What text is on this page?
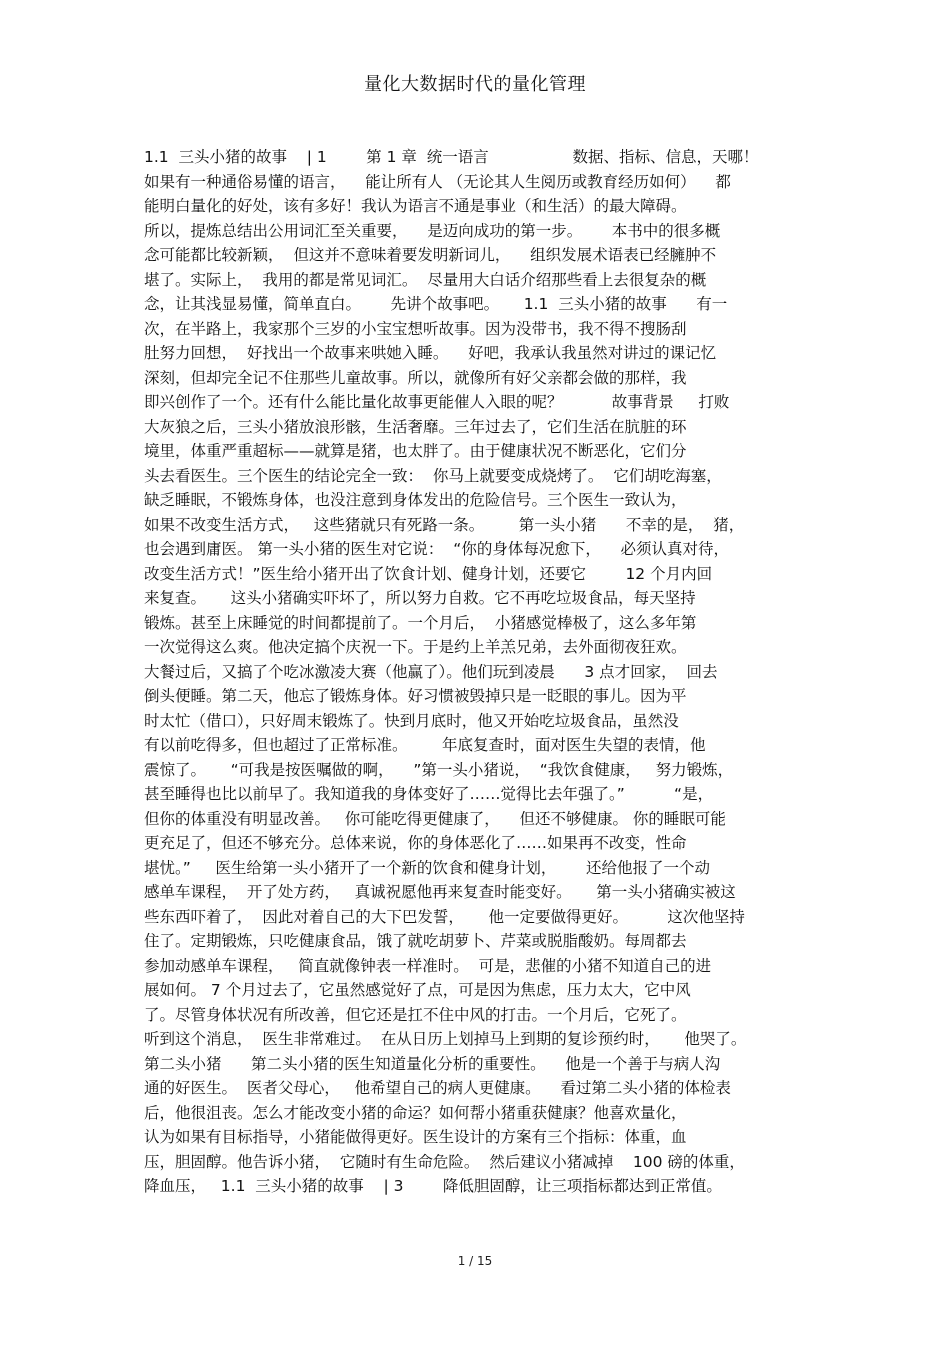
量化大数据时代的量化管理
1.1  三头小猪的故事    | 1        第 1 章  统一语言                 数据、指标、信息，天哪！
如果有一种通俗易懂的语言，    能让所有人 （无论其人生阅历或教育经历如何）    都
能明白量化的好处，该有多好！我认为语言不通是事业（和生活）的最大障碍。
所以，提炼总结出公用词汇至关重要，    是迈向成功的第一步。      本书中的很多概
念可能都比较新颖，  但这并不意味着要发明新词儿，    组织发展术语表已经臃肿不
堪了。实际上，  我用的都是常见词汇。  尽量用大白话介绍那些看上去很复杂的概
念，让其浅显易懂，简单直白。      先讲个故事吧。     1.1  三头小猪的故事      有一
次，在半路上，我家那个三岁的小宝宝想听故事。因为没带书，我不得不搜肠刮
肚努力回想，  好找出一个故事来哄她入睡。    好吧，我承认我虽然对讲过的课记忆
深刻，但却完全记不住那些儿童故事。所以，就像所有好父亲都会做的那样，我
即兴创作了一个。还有什么能比量化故事更能催人入眼的呢？          故事背景     打败
大灰狼之后，三头小猪放浪形骸，生活奢靡。三年过去了，它们生活在肮脏的环
境里，体重严重超标——就算是猪，也太胖了。由于健康状况不断恶化，它们分
头去看医生。三个医生的结论完全一致：  你马上就要变成烧烤了。  它们胡吃海塞，
缺乏睡眠，不锻炼身体，也没注意到身体发出的危险信号。三个医生一致认为，
如果不改变生活方式，   这些猪就只有死路一条。       第一头小猪      不幸的是，  猪，
也会遇到庸医。 第一头小猪的医生对它说：  “你的身体每况愈下，    必须认真对待，
改变生活方式！”医生给小猪开出了饮食计划、健身计划，还要它        12 个月内回
来复查。     这头小猪确实吓坏了，所以努力自救。它不再吃垃圾食品，每天坚持
锻炼。甚至上床睡觉的时间都提前了。一个月后，  小猪感觉棒极了，这么多年第
一次觉得这么爽。他决定搞个庆祝一下。于是约上羊羔兄弟，去外面彻夜狂欢。
大餐过后，又搞了个吃冰激凌大赛（他赢了）。他们玩到凌晨      3 点才回家，  回去
倒头便睡。第二天，他忘了锻炼身体。好习惯被毁掉只是一眨眼的事儿。因为平
时太忙（借口），只好周末锻炼了。快到月底时，他又开始吃垃圾食品，虽然没
有以前吃得多，但也超过了正常标准。       年底复查时，面对医生失望的表情，他
震惊了。     “可我是按医嘱做的啊，    ”第一头小猪说，  “我饮食健康，   努力锻炼，
甚至睡得也比以前早了。我知道我的身体变好了……觉得比去年强了。”          “是，
但你的体重没有明显改善。   你可能吃得更健康了，    但还不够健康。 你的睡眠可能
更充足了，但还不够充分。总体来说，你的身体恶化了……如果再不改变，性命
堪忧。”     医生给第一头小猪开了一个新的饮食和健身计划，      还给他报了一个动
感单车课程，  开了处方药，   真诚祝愿他再来复查时能变好。     第一头小猪确实被这
些东西吓着了，  因此对着自己的大下巴发誓，     他一定要做得更好。        这次他坚持
住了。定期锻炼，只吃健康食品，饿了就吃胡萝卜、芹菜或脱脂酸奶。每周都去
参加动感单车课程，   简直就像钟表一样准时。  可是，悲催的小猪不知道自己的进
展如何。 7 个月过去了，它虽然感觉好了点，可是因为焦虑，压力太大，它中风
了。尽管身体状况有所改善，但它还是扛不住中风的打击。一个月后，它死了。
听到这个消息，  医生非常难过。  在从日历上划掉马上到期的复诊预约时，     他哭了。
第二头小猪      第二头小猪的医生知道量化分析的重要性。    他是一个善于与病人沟
通的好医生。  医者父母心，   他希望自己的病人更健康。    看过第二头小猪的体检表
后，他很沮丧。怎么才能改变小猪的命运？如何帮小猪重获健康？他喜欢量化，
认为如果有目标指导，小猪能做得更好。医生设计的方案有三个指标：体重，血
压，胆固醇。他告诉小猪，  它随时有生命危险。  然后建议小猪减掉    100 磅的体重，
降血压，   1.1  三头小猪的故事    | 3        降低胆固醇，让三项指标都达到正常值。
1 / 15
